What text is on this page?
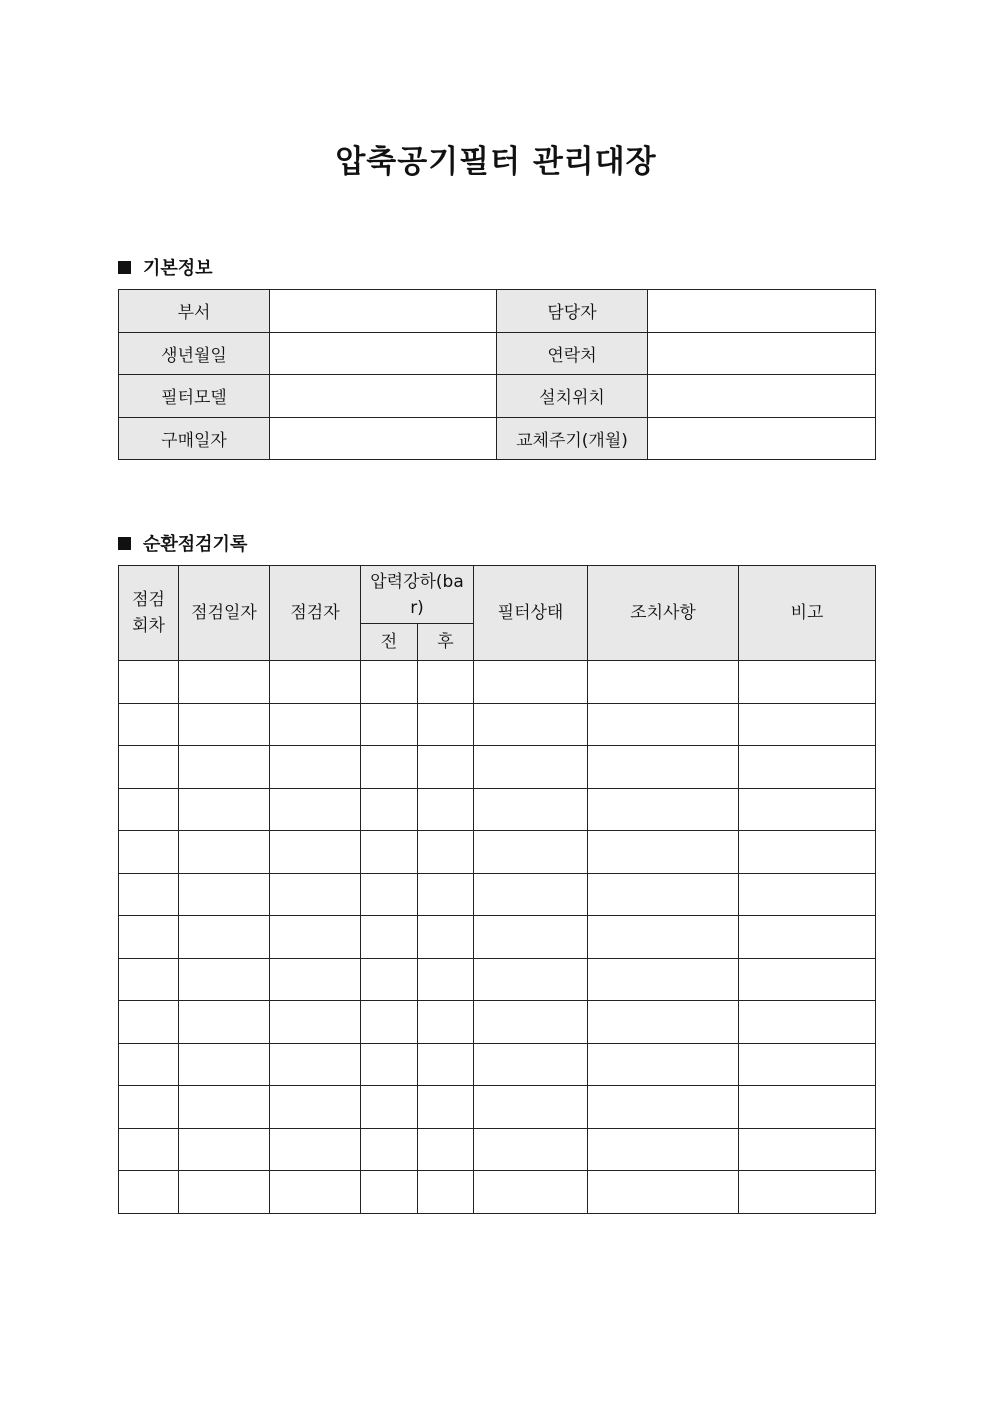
압축공기필터 관리대장
기본정보
부서		담당자	
생년월일		연락처	
필터모델		설치위치	
구매일자		교체주기(개월)	
순환점검기록
점검
회차	점검일자	점검자	압력강하(bar)		필터상태	조치사항	비고
			전	후			
